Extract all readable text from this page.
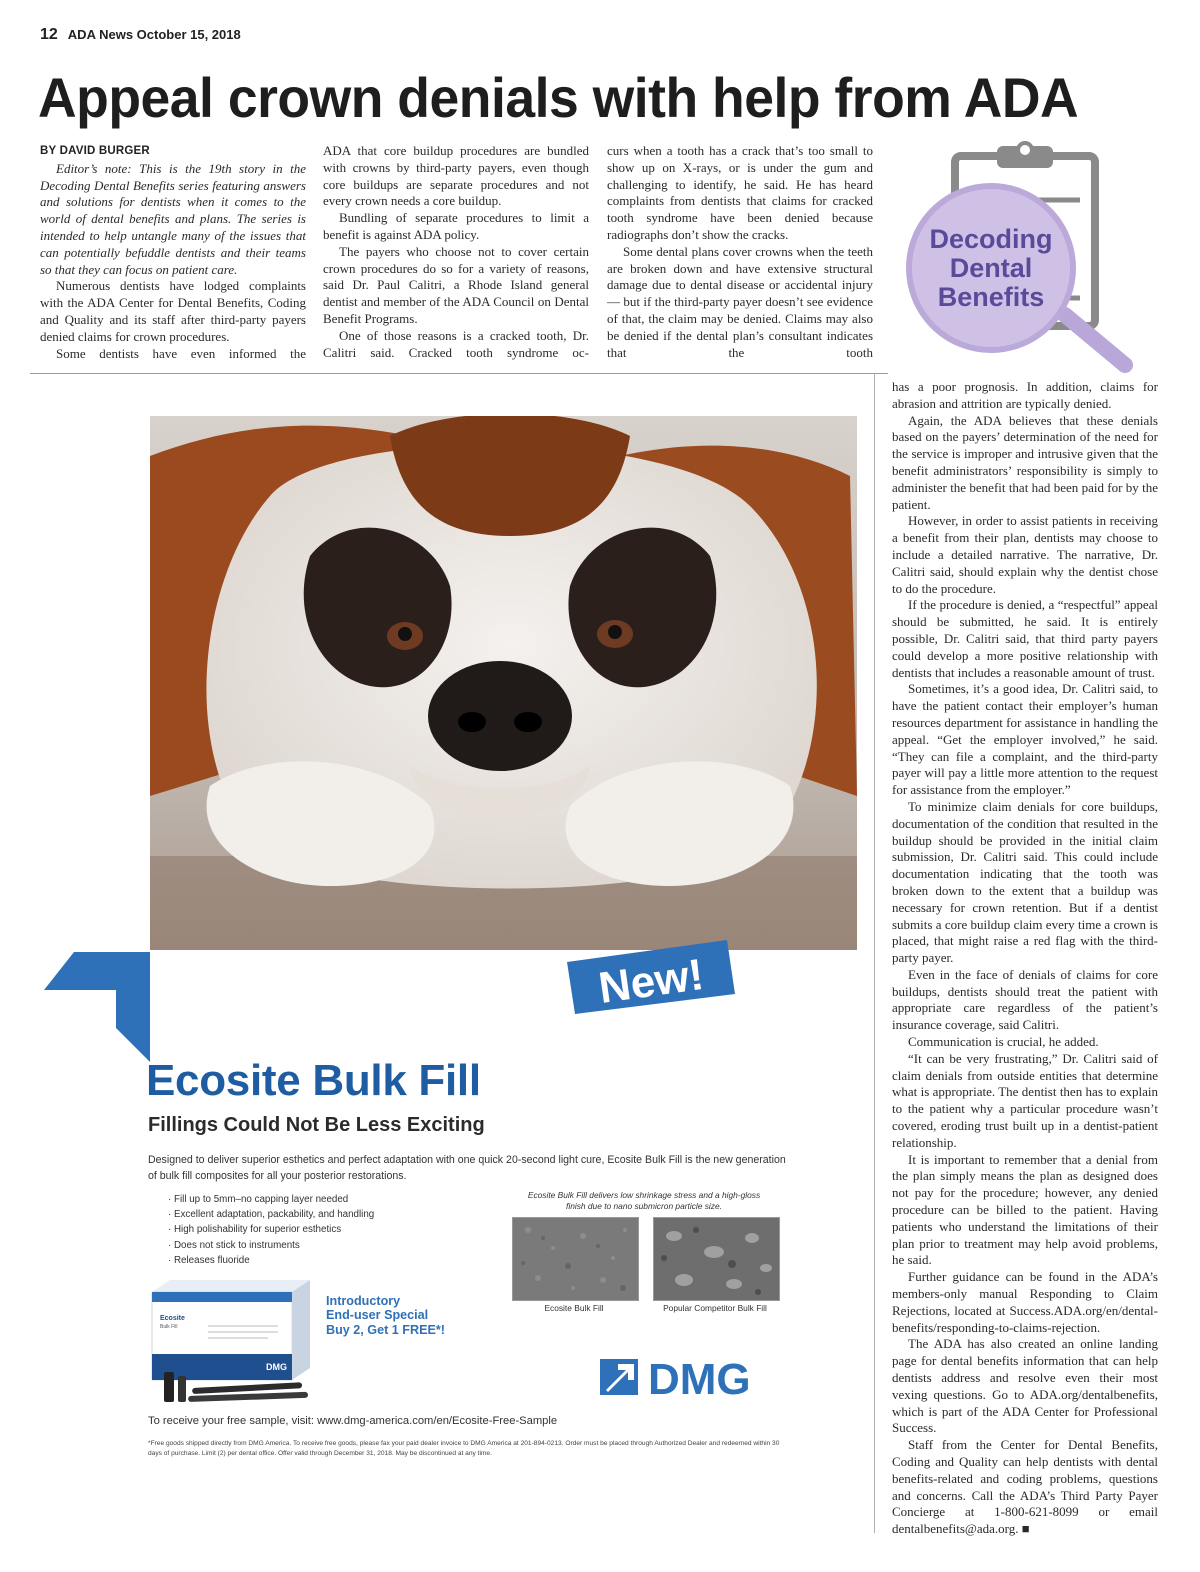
12 ADA News October 15, 2018
Appeal crown denials with help from ADA
BY DAVID BURGER

Editor’s note: This is the 19th story in the Decoding Dental Benefits series featuring answers and solutions for dentists when it comes to the world of dental benefits and plans. The series is intended to help untangle many of the issues that can potentially befuddle dentists and their teams so that they can focus on patient care.

Numerous dentists have lodged complaints with the ADA Center for Dental Benefits, Coding and Quality and its staff after third-party payers denied claims for crown procedures.

Some dentists have even informed the

ADA that core buildup procedures are bundled with crowns by third-party payers, even though core buildups are separate procedures and not every crown needs a core buildup.

Bundling of separate procedures to limit a benefit is against ADA policy.

The payers who choose not to cover certain crown procedures do so for a variety of reasons, said Dr. Paul Calitri, a Rhode Island general dentist and member of the ADA Council on Dental Benefit Programs.

One of those reasons is a cracked tooth, Dr. Calitri said. Cracked tooth syndrome oc-

curs when a tooth has a crack that’s too small to show up on X-rays, or is under the gum and challenging to identify, he said. He has heard complaints from dentists that claims for cracked tooth syndrome have been denied because radiographs don’t show the cracks.

Some dental plans cover crowns when the teeth are broken down and have extensive structural damage due to dental disease or accidental injury — but if the third-party payer doesn’t see evidence of that, the claim may be denied. Claims may also be denied if the dental plan’s consultant indicates that the tooth

Decoding
Dental
Benefits

has a poor prognosis. In addition, claims for abrasion and attrition are typically denied.

Again, the ADA believes that these denials based on the payers’ determination of the need for the service is improper and intrusive given that the benefit administrators’ responsibility is simply to administer the benefit that had been paid for by the patient.

However, in order to assist patients in receiving a benefit from their plan, dentists may choose to include a detailed narrative. The narrative, Dr. Calitri said, should explain why the dentist chose to do the procedure.

If the procedure is denied, a “respectful” appeal should be submitted, he said. It is entirely possible, Dr. Calitri said, that third party payers could develop a more positive relationship with dentists that includes a reasonable amount of trust.

Sometimes, it’s a good idea, Dr. Calitri said, to have the patient contact their employer’s human resources department for assistance in handling the appeal. “Get the employer involved,” he said. “They can file a complaint, and the third-party payer will pay a little more attention to the request for assistance from the employer.”

To minimize claim denials for core buildups, documentation of the condition that resulted in the buildup should be provided in the initial claim submission, Dr. Calitri said. This could include documentation indicating that the tooth was broken down to the extent that a buildup was necessary for crown retention. But if a dentist submits a core buildup claim every time a crown is placed, that might raise a red flag with the third-party payer.

Even in the face of denials of claims for core buildups, dentists should treat the patient with appropriate care regardless of the patient’s insurance coverage, said Calitri.

Communication is crucial, he added.

“It can be very frustrating,” Dr. Calitri said of claim denials from outside entities that determine what is appropriate. The dentist then has to explain to the patient why a particular procedure wasn’t covered, eroding trust built up in a dentist-patient relationship.

It is important to remember that a denial from the plan simply means the plan as designed does not pay for the procedure; however, any denied procedure can be billed to the patient. Having patients who understand the limitations of their plan prior to treatment may help avoid problems, he said.

Further guidance can be found in the ADA’s members-only manual Responding to Claim Rejections, located at Success.ADA.org/en/dental-benefits/responding-to-claims-rejection.

The ADA has also created an online landing page for dental benefits information that can help dentists address and resolve even their most vexing questions. Go to ADA.org/dentalbenefits, which is part of the ADA Center for Professional Success.

Staff from the Center for Dental Benefits, Coding and Quality can help dentists with dental benefits-related and coding problems, questions and concerns. Call the ADA’s Third Party Payer Concierge at 1-800-621-8099 or email dentalbenefits@ada.org. ■

New!
Ecosite Bulk Fill
Fillings Could Not Be Less Exciting
Designed to deliver superior esthetics and perfect adaptation with one quick 20-second light cure, Ecosite Bulk Fill is the new generation of bulk fill composites for all your posterior restorations.
· Fill up to 5mm–no capping layer needed
· Excellent adaptation, packability, and handling
· High polishability for superior esthetics
· Does not stick to instruments
· Releases fluoride
Ecosite Bulk Fill delivers low shrinkage stress and a high-gloss finish due to nano submicron particle size.
Ecosite Bulk Fill	Popular Competitor Bulk Fill
Ecosite
Bulk Fill
DMG
Introductory
End-user Special
Buy 2, Get 1 FREE*!
DMG
To receive your free sample, visit: www.dmg-america.com/en/Ecosite-Free-Sample
*Free goods shipped directly from DMG America. To receive free goods, please fax your paid dealer invoice to DMG America at 201-894-0213. Order must be placed through Authorized Dealer and redeemed within 30 days of purchase. Limit (2) per dental office. Offer valid through December 31, 2018. May be discontinued at any time.
